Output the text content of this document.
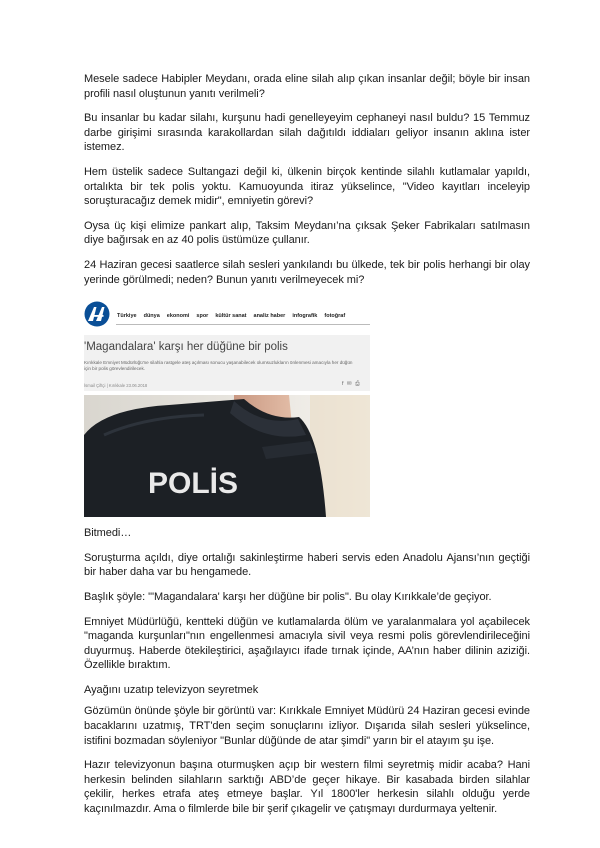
Mesele sadece Habipler Meydanı, orada eline silah alıp çıkan insanlar değil; böyle bir insan profili nasıl oluştunun yanıtı verilmeli?

Bu insanlar bu kadar silahı, kurşunu hadi genelleyeyim cephaneyi nasıl buldu? 15 Temmuz darbe girişimi sırasında karakollardan silah dağıtıldı iddiaları geliyor insanın aklına ister istemez.

Hem üstelik sadece Sultangazi değil ki, ülkenin birçok kentinde silahlı kutlamalar yapıldı, ortalıkta bir tek polis yoktu. Kamuoyunda itiraz yükselince, "Video kayıtları inceleyip soruşturacağız demek midir", emniyetin görevi?

Oysa üç kişi elimize pankart alıp, Taksim Meydanı’na çıksak Şeker Fabrikaları satılmasın diye bağırsak en az 40 polis üstümüze çullanır.

24 Haziran gecesi saatlerce silah sesleri yankılandı bu ülkede, tek bir polis herhangi bir olay yerinde görülmedi; neden? Bunun yanıtı verilmeyecek mi?

Türkiye dünya ekonomi spor kültür sanat analiz haber infografik fotoğraf
'Magandalara' karşı her düğüne bir polis
Kırıkkale Emniyet Müdürlüğü'ne silahla rastgele ateş açılması sonucu yaşanabilecek olumsuzlukların önlenmesi amacıyla her düğün için bir polis görevlendirilecek.
İsmail Çiftçi | Kırıkkale 23.06.2018	f ✉ ⎙
POLİS

Bitmedi…

Soruşturma açıldı, diye ortalığı sakinleştirme haberi servis eden Anadolu Ajansı’nın geçtiği bir haber daha var bu hengamede.

Başlık şöyle: "'Magandalara' karşı her düğüne bir polis". Bu olay Kırıkkale’de geçiyor.

Emniyet Müdürlüğü, kentteki düğün ve kutlamalarda ölüm ve yaralanmalara yol açabilecek "maganda kurşunları"nın engellenmesi amacıyla sivil veya resmi polis görevlendirileceğini duyurmuş. Haberde ötekileştirici, aşağılayıcı ifade tırnak içinde, AA’nın haber dilinin aziziği. Özellikle bıraktım.

Ayağını uzatıp televizyon seyretmek

Gözümün önünde şöyle bir görüntü var: Kırıkkale Emniyet Müdürü 24 Haziran gecesi evinde bacaklarını uzatmış, TRT'den seçim sonuçlarını izliyor. Dışarıda silah sesleri yükselince, istifini bozmadan söyleniyor "Bunlar düğünde de atar şimdi" yarın bir el atayım şu işe.

Hazır televizyonun başına oturmuşken açıp bir western filmi seyretmiş midir acaba? Hani herkesin belinden silahların sarktığı ABD’de geçer hikaye. Bir kasabada birden silahlar çekilir, herkes etrafa ateş etmeye başlar. Yıl 1800'ler herkesin silahlı olduğu yerde kaçınılmazdır. Ama o filmlerde bile bir şerif çıkagelir ve çatışmayı durdurmaya yeltenir.
